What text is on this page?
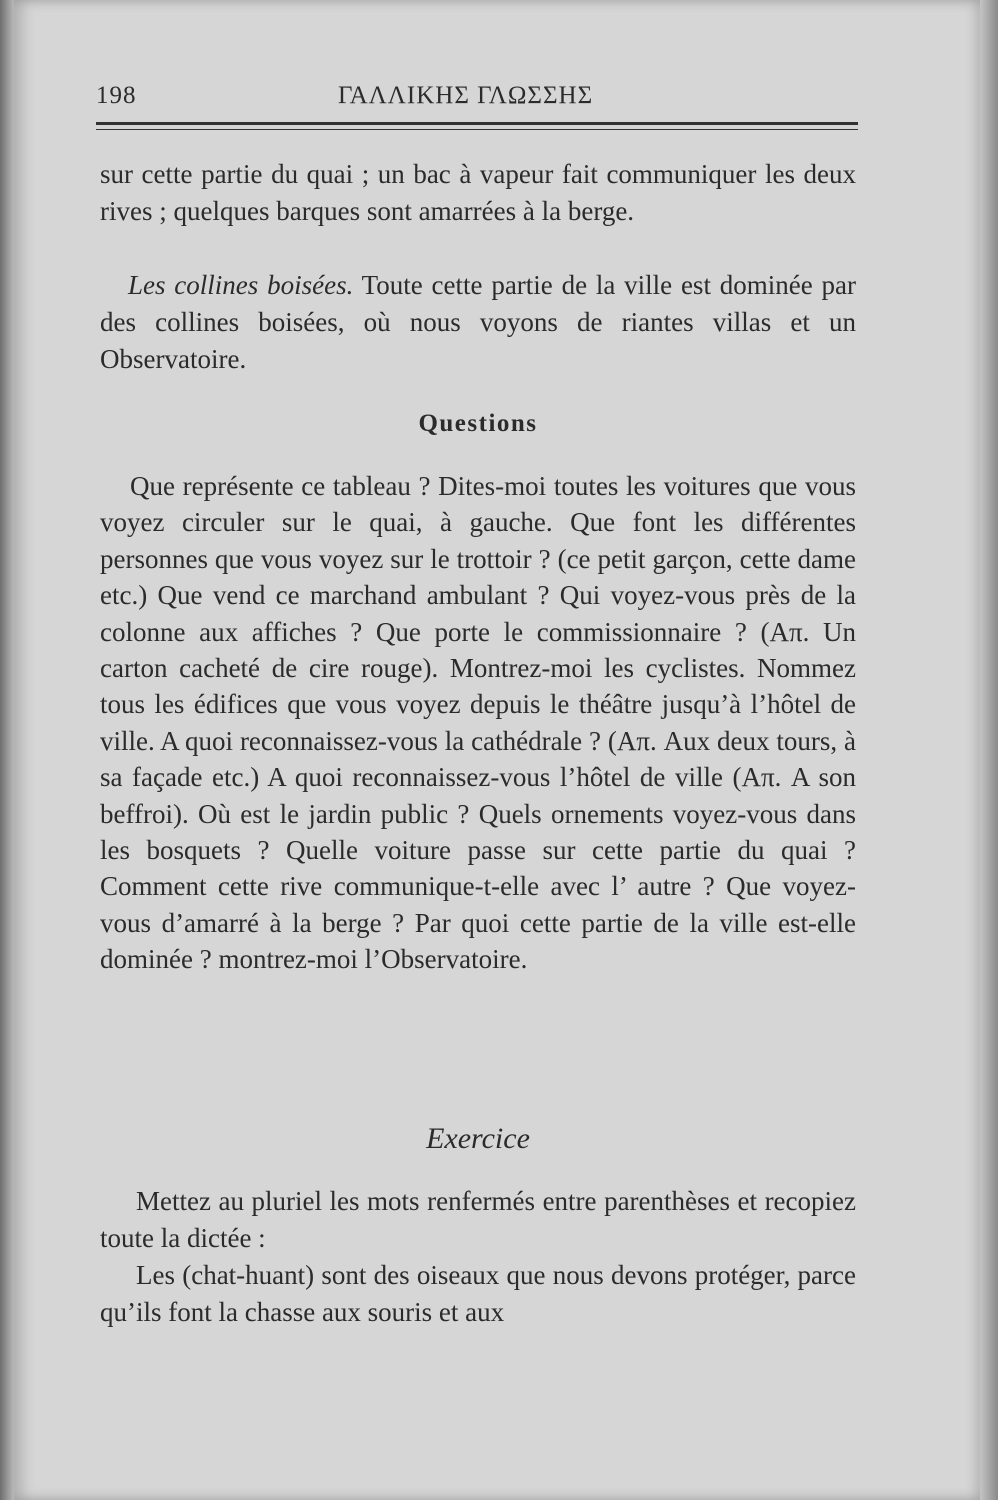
198	ΓΑΛΛΙΚΗΣ ΓΛΩΣΣΗΣ
sur cette partie du quai ; un bac à vapeur fait communiquer les deux rives ; quelques barques sont amarrées à la berge.
Les collines boisées. Toute cette partie de la ville est dominée par des collines boisées, où nous voyons de riantes villas et un Observatoire.
Questions
Que représente ce tableau ? Dites-moi toutes les voitures que vous voyez circuler sur le quai, à gauche. Que font les différentes personnes que vous voyez sur le trottoir ? (ce petit garçon, cette dame etc.) Que vend ce marchand ambulant ? Qui voyez-vous près de la colonne aux affiches ? Que porte le commissionnaire ? (Απ. Un carton cacheté de cire rouge). Montrez-moi les cyclistes. Nommez tous les édifices que vous voyez depuis le théâtre jusqu’à l’hôtel de ville. A quoi reconnaissez-vous la cathédrale ? (Απ. Aux deux tours, à sa façade etc.) A quoi reconnaissez-vous l’hôtel de ville (Απ. A son beffroi). Où est le jardin public ? Quels ornements voyez-vous dans les bosquets ? Quelle voiture passe sur cette partie du quai ? Comment cette rive communique-t-elle avec l’ autre ? Que voyez-vous d’amarré à la berge ? Par quoi cette partie de la ville est-elle dominée ? montrez-moi l’Observatoire.
Exercice
Mettez au pluriel les mots renfermés entre parenthèses et recopiez toute la dictée :
Les (chat-huant) sont des oiseaux que nous devons protéger, parce qu’ils font la chasse aux souris et aux
